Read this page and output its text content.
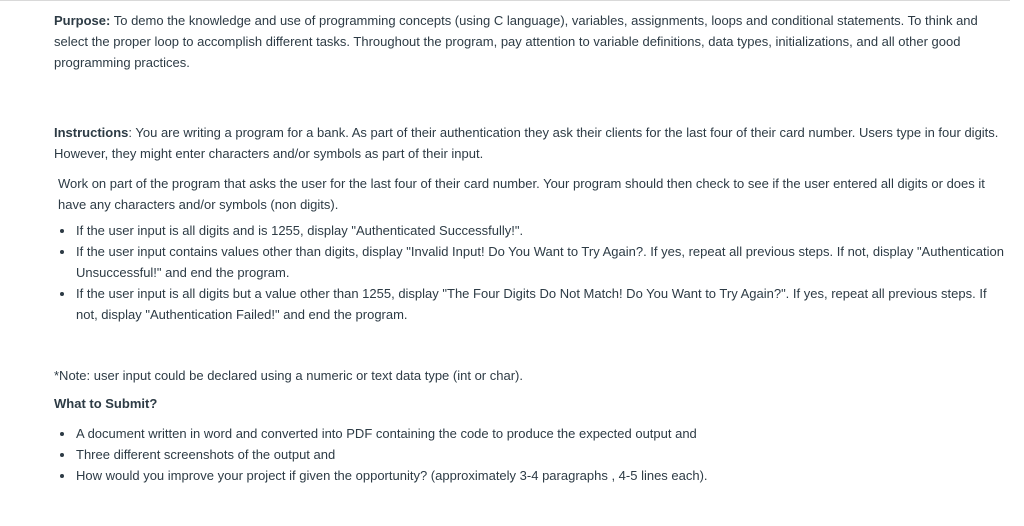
Purpose: To demo the knowledge and use of programming concepts (using C language), variables, assignments, loops and conditional statements. To think and select the proper loop to accomplish different tasks. Throughout the program, pay attention to variable definitions, data types, initializations, and all other good programming practices.

Instructions: You are writing a program for a bank. As part of their authentication they ask their clients for the last four of their card number. Users type in four digits. However, they might enter characters and/or symbols as part of their input.

Work on part of the program that asks the user for the last four of their card number. Your program should then check to see if the user entered all digits or does it have any characters and/or symbols (non digits).

• If the user input is all digits and is 1255, display "Authenticated Successfully!".
• If the user input contains values other than digits, display "Invalid Input! Do You Want to Try Again?. If yes, repeat all previous steps. If not, display "Authentication Unsuccessful!" and end the program.
• If the user input is all digits but a value other than 1255, display "The Four Digits Do Not Match! Do You Want to Try Again?". If yes, repeat all previous steps. If not, display "Authentication Failed!" and end the program.

*Note: user input could be declared using a numeric or text data type (int or char).

What to Submit?

• A document written in word and converted into PDF containing the code to produce the expected output and
• Three different screenshots of the output and
• How would you improve your project if given the opportunity? (approximately 3-4 paragraphs , 4-5 lines each).
